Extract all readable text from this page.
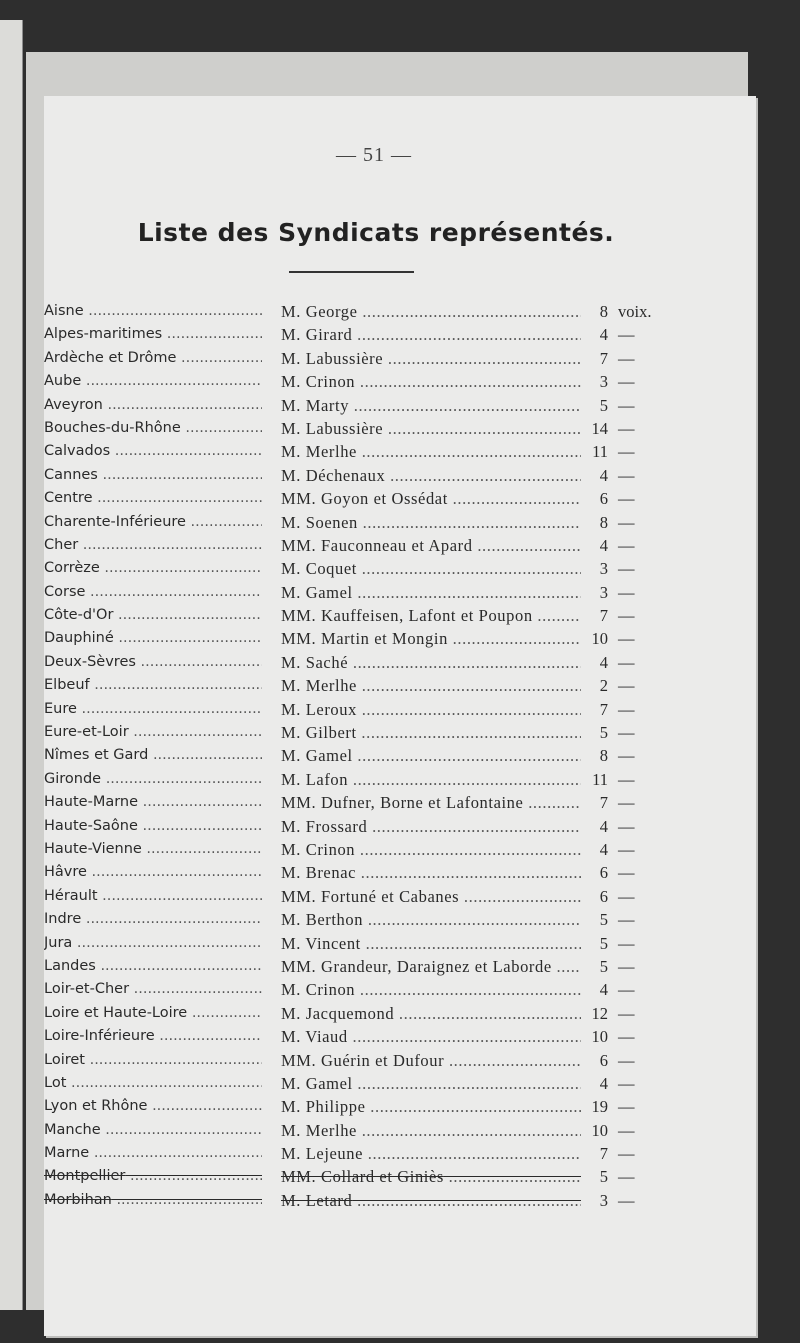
— 51 —
Liste des Syndicats représentés.
Aisne .....	M. George .....	8 voix.
Alpes-maritimes .....	M. Girard .....	4 —
Ardèche et Drôme .....	M. Labussière .....	7 —
Aube .....	M. Crinon .....	3 —
Aveyron .....	M. Marty .....	5 —
Bouches-du-Rhône .....	M. Labussière .....	14 —
Calvados .....	M. Merlhe .....	11 —
Cannes .....	M. Déchenaux .....	4 —
Centre .....	MM. Goyon et Ossédat .....	6 —
Charente-Inférieure .....	M. Soenen .....	8 —
Cher .....	MM. Fauconneau et Apard .....	4 —
Corrèze .....	M. Coquet .....	3 —
Corse .....	M. Gamel .....	3 —
Côte-d'Or .....	MM. Kauffeisen, Lafont et Poupon .....	7 —
Dauphiné .....	MM. Martin et Mongin .....	10 —
Deux-Sèvres .....	M. Saché .....	4 —
Elbeuf .....	M. Merlhe .....	2 —
Eure .....	M. Leroux .....	7 —
Eure-et-Loir .....	M. Gilbert .....	5 —
Nîmes et Gard .....	M. Gamel .....	8 —
Gironde .....	M. Lafon .....	11 —
Haute-Marne .....	MM. Dufner, Borne et Lafontaine .....	7 —
Haute-Saône .....	M. Frossard .....	4 —
Haute-Vienne .....	M. Crinon .....	4 —
Hâvre .....	M. Brenac .....	6 —
Hérault .....	MM. Fortuné et Cabanes .....	6 —
Indre .....	M. Berthon .....	5 —
Jura .....	M. Vincent .....	5 —
Landes .....	MM. Grandeur, Daraignez et Laborde .....	5 —
Loir-et-Cher .....	M. Crinon .....	4 —
Loire et Haute-Loire .....	M. Jacquemond .....	12 —
Loire-Inférieure .....	M. Viaud .....	10 —
Loiret .....	MM. Guérin et Dufour .....	6 —
Lot .....	M. Gamel .....	4 —
Lyon et Rhône .....	M. Philippe .....	19 —
Manche .....	M. Merlhe .....	10 —
Marne .....	M. Lejeune .....	7 —
Montpellier .....	MM. Collard et Giniès .....	5 —
Morbihan .....	M. Letard .....	3 —
